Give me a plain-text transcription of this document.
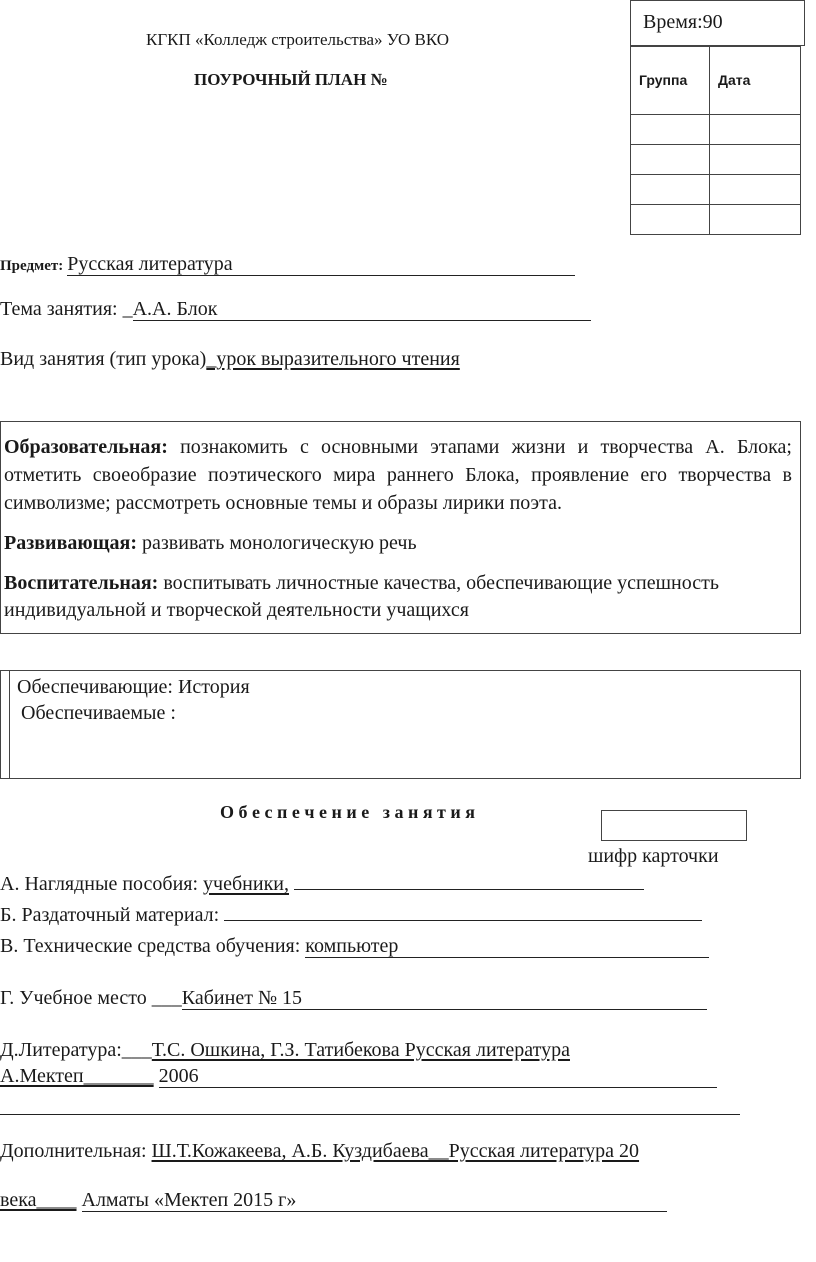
КГКП «Колледж строительства» УО ВКО
ПОУРОЧНЫЙ ПЛАН №
Время:90
Группа	Дата

Предмет: Русская литература
Тема занятия: _А.А. Блок
Вид занятия (тип урока)_урок выразительного чтения
Образовательная: познакомить с основными этапами жизни и творчества А. Блока; отметить своеобразие поэтического мира раннего Блока, проявление его творчества в символизме; рассмотреть основные темы и образы лирики поэта.
Развивающая: развивать монологическую речь
Воспитательная: воспитывать личностные качества, обеспечивающие успешность индивидуальной и творческой деятельности учащихся
Обеспечивающие: История
Обеспечиваемые :
О б е с п е ч е н и е   з а н я т и я
шифр карточки
А. Наглядные пособия: учебники,
Б. Раздаточный материал:
В. Технические средства обучения: компьютер
Г. Учебное место ___Кабинет № 15
Д.Литература:___Т.С. Ошкина, Г.З. Татибекова Русская литература
А.Мектеп_______ 2006
Дополнительная: Ш.Т.Кожакеева, А.Б. Куздибаева__Русская литература 20
века____ Алматы «Мектеп 2015 г»
